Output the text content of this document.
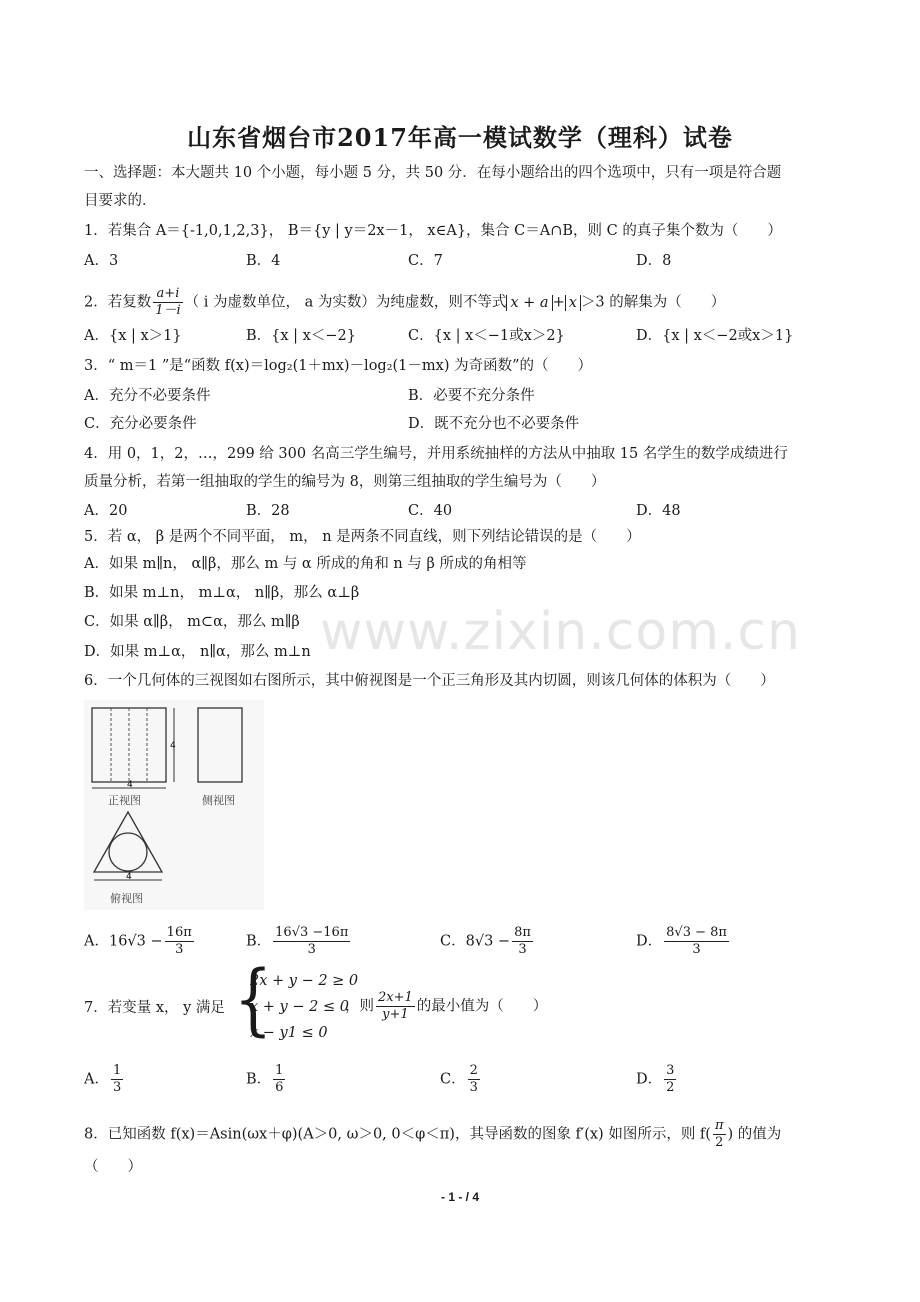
www.zixin.com.cn
山东省烟台市2017年高一模试数学（理科）试卷
一、选择题：本大题共 10 个小题，每小题 5 分，共 50 分．在每小题给出的四个选项中，只有一项是符合题
目要求的．
1．若集合 A＝{-1,0,1,2,3}， B＝{y | y＝2x－1， x∈A}，集合 C＝A∩B，则 C 的真子集个数为（　　）
A．3	B．4	C．7	D．8
2．若复数 $\frac{a+i}{1-i}$ （ i 为虚数单位， a 为实数）为纯虚数，则不等式 x + a + x ＞3 的解集为（　　）
A．{x | x＞1}	B．{x | x＜−2}	C．{x | x＜−1或x＞2}	D．{x | x＜−2或x＞1}
3．“ m＝1 ”是“函数 f(x)＝log₂(1＋mx)－log₂(1－mx) 为奇函数”的（　　）
A．充分不必要条件	B．必要不充分条件
C．充分必要条件	D．既不充分也不必要条件
4．用 0，1，2，…，299 给 300 名高三学生编号，并用系统抽样的方法从中抽取 15 名学生的数学成绩进行
质量分析，若第一组抽取的学生的编号为 8，则第三组抽取的学生编号为（　　）
A．20	B．28	C．40	D．48
5．若 α， β 是两个不同平面， m， n 是两条不同直线，则下列结论错误的是（　　）
A．如果 m∥n， α∥β，那么 m 与 α 所成的角和 n 与 β 所成的角相等
B．如果 m⊥n， m⊥α， n∥β，那么 α⊥β
C．如果 α∥β， m⊂α，那么 m∥β
D．如果 m⊥α， n∥α，那么 m⊥n
6．一个几何体的三视图如右图所示，其中俯视图是一个正三角形及其内切圆，则该几何体的体积为（　　）
4
4
正视图	侧视图
4
俯视图
A．$16√3 - \frac{16\pi}{3}$	B． $\frac{16√3 -16\pi}{3}$	C．$8√3 - \frac{8\pi}{3}$	D． $\frac{8√3 - 8\pi}{3}$
7．若变量 x， y 满足 {
2x + y − 2 ≥ 0
x + y − 2 ≤ 0
x − y1 ≤ 0
，则 $\frac{2x+1}{y+1}$ 的最小值为（　　）
A． $\frac{1}{3}$	B． $\frac{1}{6}$	C． $\frac{2}{3}$	D． $\frac{3}{2}$
8．已知函数 f(x)＝Asin(ωx＋φ)(A＞0, ω＞0, 0＜φ＜π)，其导函数的图象 f′(x) 如图所示，则 $f( \frac{\pi}{2}$ ) 的值为
（　　）
- 1 - / 4
